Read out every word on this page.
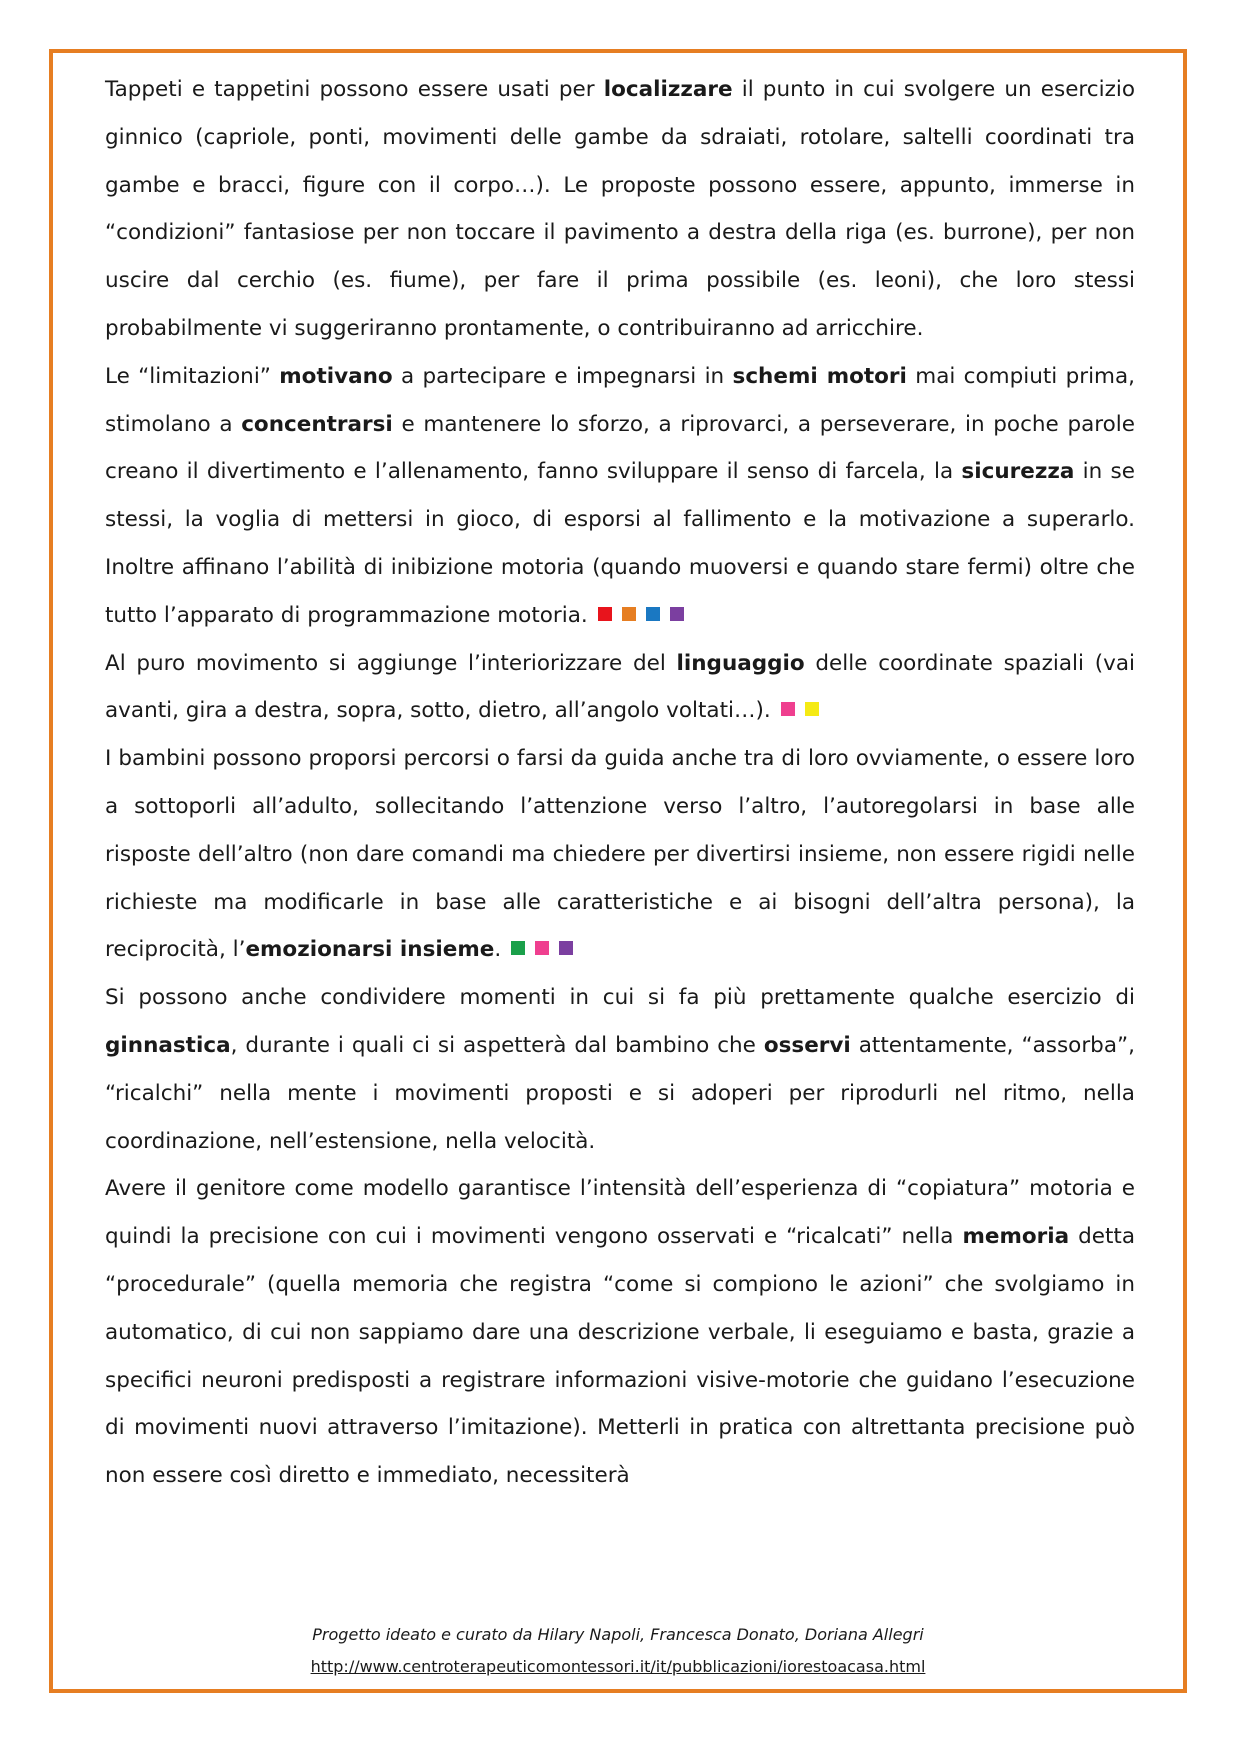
Tappeti e tappetini possono essere usati per localizzare il punto in cui svolgere un esercizio ginnico (capriole, ponti, movimenti delle gambe da sdraiati, rotolare, saltelli coordinati tra gambe e bracci, figure con il corpo…). Le proposte possono essere, appunto, immerse in “condizioni” fantasiose per non toccare il pavimento a destra della riga (es. burrone), per non uscire dal cerchio (es. fiume), per fare il prima possibile (es. leoni), che loro stessi probabilmente vi suggeriranno prontamente, o contribuiranno ad arricchire.

Le “limitazioni” motivano a partecipare e impegnarsi in schemi motori mai compiuti prima, stimolano a concentrarsi e mantenere lo sforzo, a riprovarci, a perseverare, in poche parole creano il divertimento e l’allenamento, fanno sviluppare il senso di farcela, la sicurezza in se stessi, la voglia di mettersi in gioco, di esporsi al fallimento e la motivazione a superarlo. Inoltre affinano l’abilità di inibizione motoria (quando muoversi e quando stare fermi) oltre che tutto l’apparato di programmazione motoria.

Al puro movimento si aggiunge l’interiorizzare del linguaggio delle coordinate spaziali (vai avanti, gira a destra, sopra, sotto, dietro, all’angolo voltati…).

I bambini possono proporsi percorsi o farsi da guida anche tra di loro ovviamente, o essere loro a sottoporli all’adulto, sollecitando l’attenzione verso l’altro, l’autoregolarsi in base alle risposte dell’altro (non dare comandi ma chiedere per divertirsi insieme, non essere rigidi nelle richieste ma modificarle in base alle caratteristiche e ai bisogni dell’altra persona), la reciprocità, l’emozionarsi insieme.

Si possono anche condividere momenti in cui si fa più prettamente qualche esercizio di ginnastica, durante i quali ci si aspetterà dal bambino che osservi attentamente, “assorba”, “ricalchi” nella mente i movimenti proposti e si adoperi per riprodurli nel ritmo, nella coordinazione, nell’estensione, nella velocità.

Avere il genitore come modello garantisce l’intensità dell’esperienza di “copiatura” motoria e quindi la precisione con cui i movimenti vengono osservati e “ricalcati” nella memoria detta “procedurale” (quella memoria che registra “come si compiono le azioni” che svolgiamo in automatico, di cui non sappiamo dare una descrizione verbale, li eseguiamo e basta, grazie a specifici neuroni predisposti a registrare informazioni visive-motorie che guidano l’esecuzione di movimenti nuovi attraverso l’imitazione). Metterli in pratica con altrettanta precisione può non essere così diretto e immediato, necessiterà

Progetto ideato e curato da Hilary Napoli, Francesca Donato, Doriana Allegri
http://www.centroterapeuticomontessori.it/it/pubblicazioni/iorestoacasa.html
